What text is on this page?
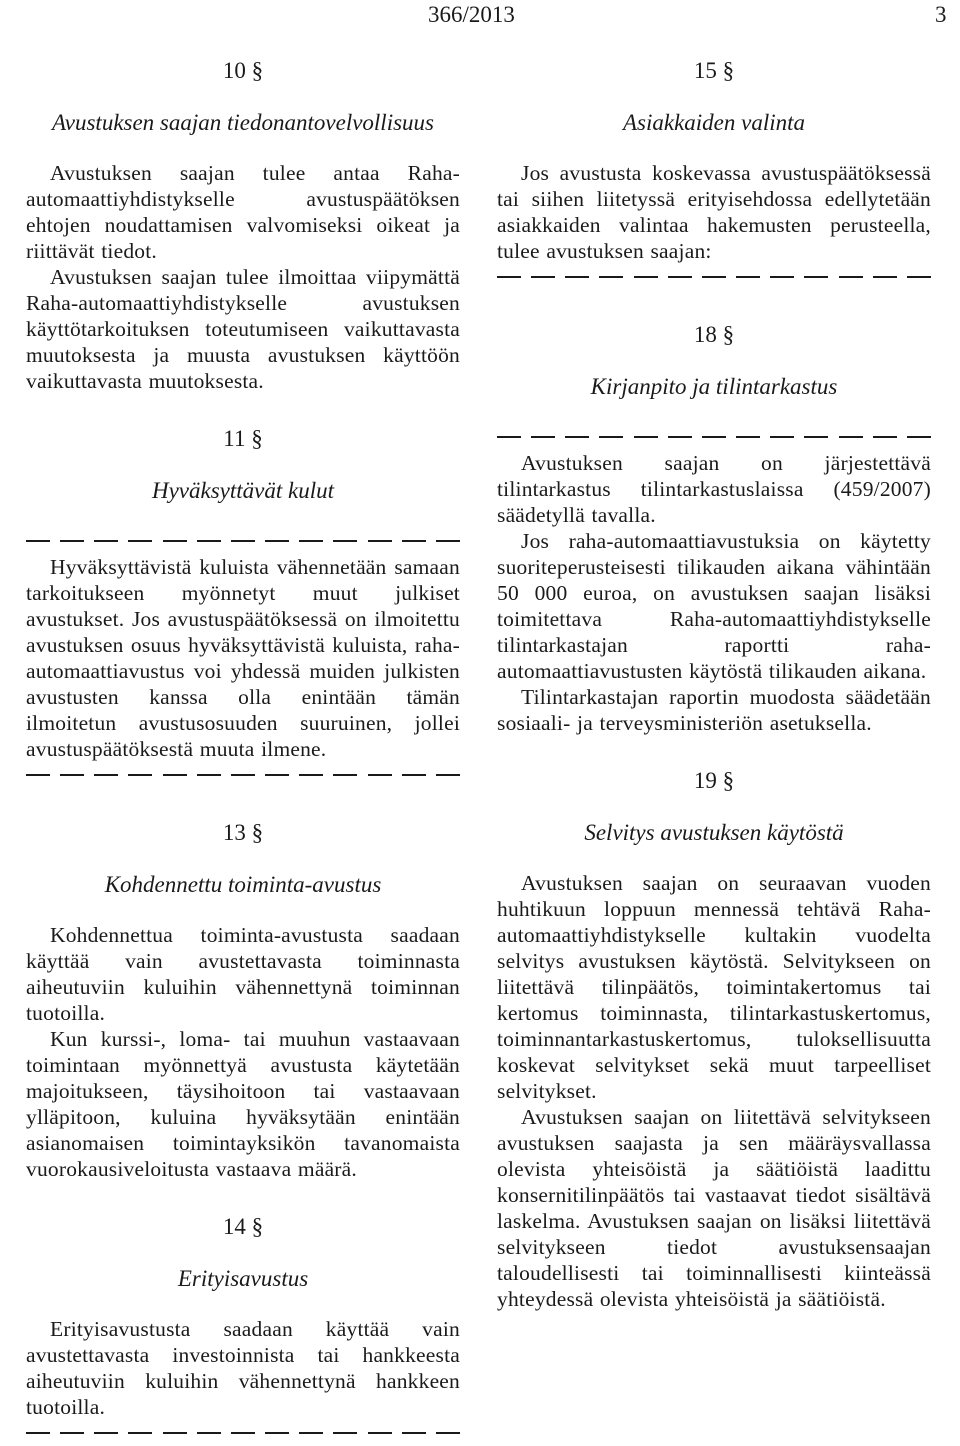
366/2013	3
10 §
Avustuksen saajan tiedonantovelvollisuus

Avustuksen saajan tulee antaa Raha-automaattiyhdistykselle avustuspäätöksen ehtojen noudattamisen valvomiseksi oikeat ja riittävät tiedot.

Avustuksen saajan tulee ilmoittaa viipymättä Raha-automaattiyhdistykselle avustuksen käyttötarkoituksen toteutumiseen vaikuttavasta muutoksesta ja muusta avustuksen käyttöön vaikuttavasta muutoksesta.

11 §
Hyväksyttävät kulut

Hyväksyttävistä kuluista vähennetään samaan tarkoitukseen myönnetyt muut julkiset avustukset. Jos avustuspäätöksessä on ilmoitettu avustuksen osuus hyväksyttävistä kuluista, raha-automaattiavustus voi yhdessä muiden julkisten avustusten kanssa olla enintään tämän ilmoitetun avustusosuuden suuruinen, jollei avustuspäätöksestä muuta ilmene.

13 §
Kohdennettu toiminta-avustus

Kohdennettua toiminta-avustusta saadaan käyttää vain avustettavasta toiminnasta aiheutuviin kuluihin vähennettynä toiminnan tuotoilla.

Kun kurssi-, loma- tai muuhun vastaavaan toimintaan myönnettyä avustusta käytetään majoitukseen, täysihoitoon tai vastaavaan ylläpitoon, kuluina hyväksytään enintään asianomaisen toimintayksikön tavanomaista vuorokausiveloitusta vastaava määrä.

14 §
Erityisavustus

Erityisavustusta saadaan käyttää vain avustettavasta investoinnista tai hankkeesta aiheutuviin kuluihin vähennettynä hankkeen tuotoilla.

15 §
Asiakkaiden valinta

Jos avustusta koskevassa avustuspäätöksessä tai siihen liitetyssä erityisehdossa edellytetään asiakkaiden valintaa hakemusten perusteella, tulee avustuksen saajan:

18 §
Kirjanpito ja tilintarkastus

Avustuksen saajan on järjestettävä tilintarkastus tilintarkastuslaissa (459/2007) säädetyllä tavalla.

Jos raha-automaattiavustuksia on käytetty suoriteperusteisesti tilikauden aikana vähintään 50 000 euroa, on avustuksen saajan lisäksi toimitettava Raha-automaattiyhdistykselle tilintarkastajan raportti raha-automaattiavustusten käytöstä tilikauden aikana.

Tilintarkastajan raportin muodosta säädetään sosiaali- ja terveysministeriön asetuksella.

19 §
Selvitys avustuksen käytöstä

Avustuksen saajan on seuraavan vuoden huhtikuun loppuun mennessä tehtävä Raha-automaattiyhdistykselle kultakin vuodelta selvitys avustuksen käytöstä. Selvitykseen on liitettävä tilinpäätös, toimintakertomus tai kertomus toiminnasta, tilintarkastuskertomus, toiminnantarkastuskertomus, tuloksellisuutta koskevat selvitykset sekä muut tarpeelliset selvitykset.

Avustuksen saajan on liitettävä selvitykseen avustuksen saajasta ja sen määräysvallassa olevista yhteisöistä ja säätiöistä laadittu konsernitilinpäätös tai vastaavat tiedot sisältävä laskelma. Avustuksen saajan on lisäksi liitettävä selvitykseen tiedot avustuksensaajan taloudellisesti tai toiminnallisesti kiinteässä yhteydessä olevista yhteisöistä ja säätiöistä.
